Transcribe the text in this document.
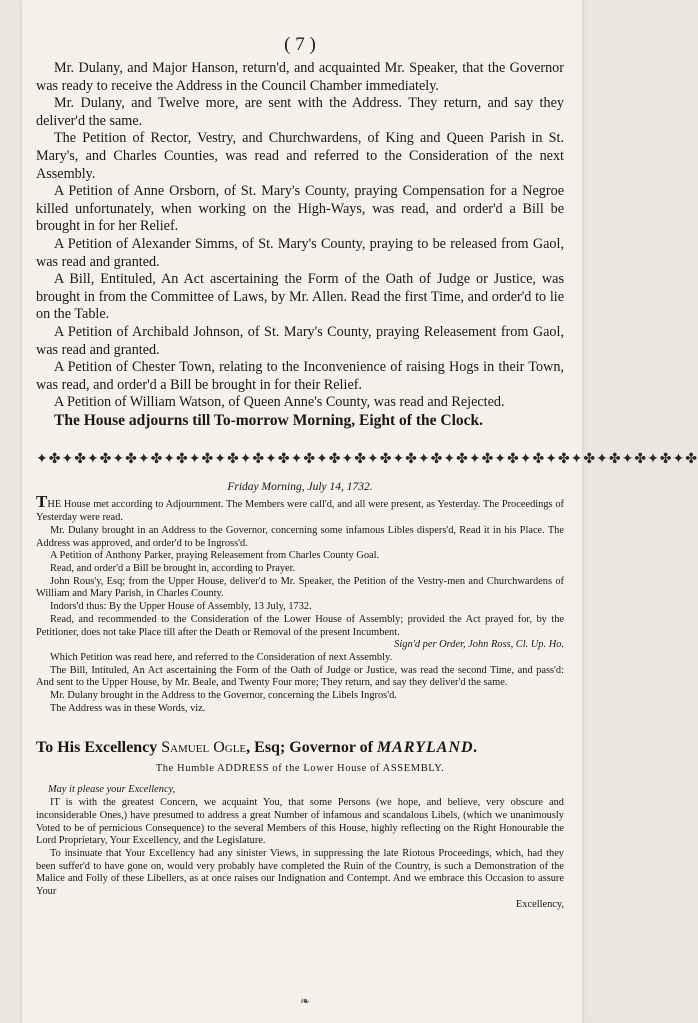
( 7 )

Mr. Dulany, and Major Hanson, return'd, and acquainted Mr. Speaker, that the Governor was ready to receive the Address in the Council Chamber immediately.

Mr. Dulany, and Twelve more, are sent with the Address. They return, and say they deliver'd the same.

The Petition of Rector, Vestry, and Churchwardens, of King and Queen Parish in St. Mary's, and Charles Counties, was read and referred to the Consideration of the next Assembly.

A Petition of Anne Orsborn, of St. Mary's County, praying Compensation for a Negroe killed unfortunately, when working on the High-Ways, was read, and order'd a Bill be brought in for her Relief.

A Petition of Alexander Simms, of St. Mary's County, praying to be released from Gaol, was read and granted.

A Bill, Entituled, An Act ascertaining the Form of the Oath of Judge or Justice, was brought in from the Committee of Laws, by Mr. Allen. Read the first Time, and order'd to lie on the Table.

A Petition of Archibald Johnson, of St. Mary's County, praying Releasement from Gaol, was read and granted.

A Petition of Chester Town, relating to the Inconvenience of raising Hogs in their Town, was read, and order'd a Bill be brought in for their Relief.

A Petition of William Watson, of Queen Anne's County, was read and Rejected.

The House adjourns till To-morrow Morning, Eight of the Clock.

✦✤✦✤✦✤✦✤✦✤✦✤✦✤✦✤✦✤✦✤✦✤✦✤✦✤✦✤✦✤✦✤✦✤✦✤✦✤✦✤✦✤✦✤✦✤✦✤✦✤✦✤
Friday Morning, July 14, 1732.

THE House met according to Adjournment. The Members were call'd, and all were present, as Yesterday. The Proceedings of Yesterday were read.

Mr. Dulany brought in an Address to the Governor, concerning some infamous Libles dispers'd, Read it in his Place. The Address was approved, and order'd to be Ingross'd.

A Petition of Anthony Parker, praying Releasement from Charles County Goal.

Read, and order'd a Bill be brought in, according to Prayer.

John Rous'y, Esq; from the Upper House, deliver'd to Mr. Speaker, the Petition of the Vestry-men and Churchwardens of William and Mary Parish, in Charles County.

Indors'd thus: By the Upper House of Assembly, 13 July, 1732.

Read, and recommended to the Consideration of the Lower House of Assembly; provided the Act prayed for, by the Petitioner, does not take Place till after the Death or Removal of the present Incumbent.

Sign'd per Order, John Ross, Cl. Up. Ho.

Which Petition was read here, and referred to the Consideration of next Assembly.

The Bill, Intituled, An Act ascertaining the Form of the Oath of Judge or Justice, was read the second Time, and pass'd: And sent to the Upper House, by Mr. Beale, and Twenty Four more; They return, and say they deliver'd the same.

Mr. Dulany brought in the Address to the Governor, concerning the Libels Ingros'd.

The Address was in these Words, viz.

To His Excellency Samuel Ogle, Esq; Governor of MARYLAND.
The Humble ADDRESS of the Lower House of ASSEMBLY.

May it please your Excellency,

IT is with the greatest Concern, we acquaint You, that some Persons (we hope, and believe, very obscure and inconsiderable Ones,) have presumed to address a great Number of infamous and scandalous Libels, (which we unanimously Voted to be of pernicious Consequence) to the several Members of this House, highly reflecting on the Right Honourable the Lord Proprietary, Your Excellency, and the Legislature.

To insinuate that Your Excellency had any sinister Views, in suppressing the late Riotous Proceedings, which, had they been suffer'd to have gone on, would very probably have completed the Ruin of the Country, is such a Demonstration of the Malice and Folly of these Libellers, as at once raises our Indignation and Contempt. And we embrace this Occasion to assure Your

Excellency,
❧
